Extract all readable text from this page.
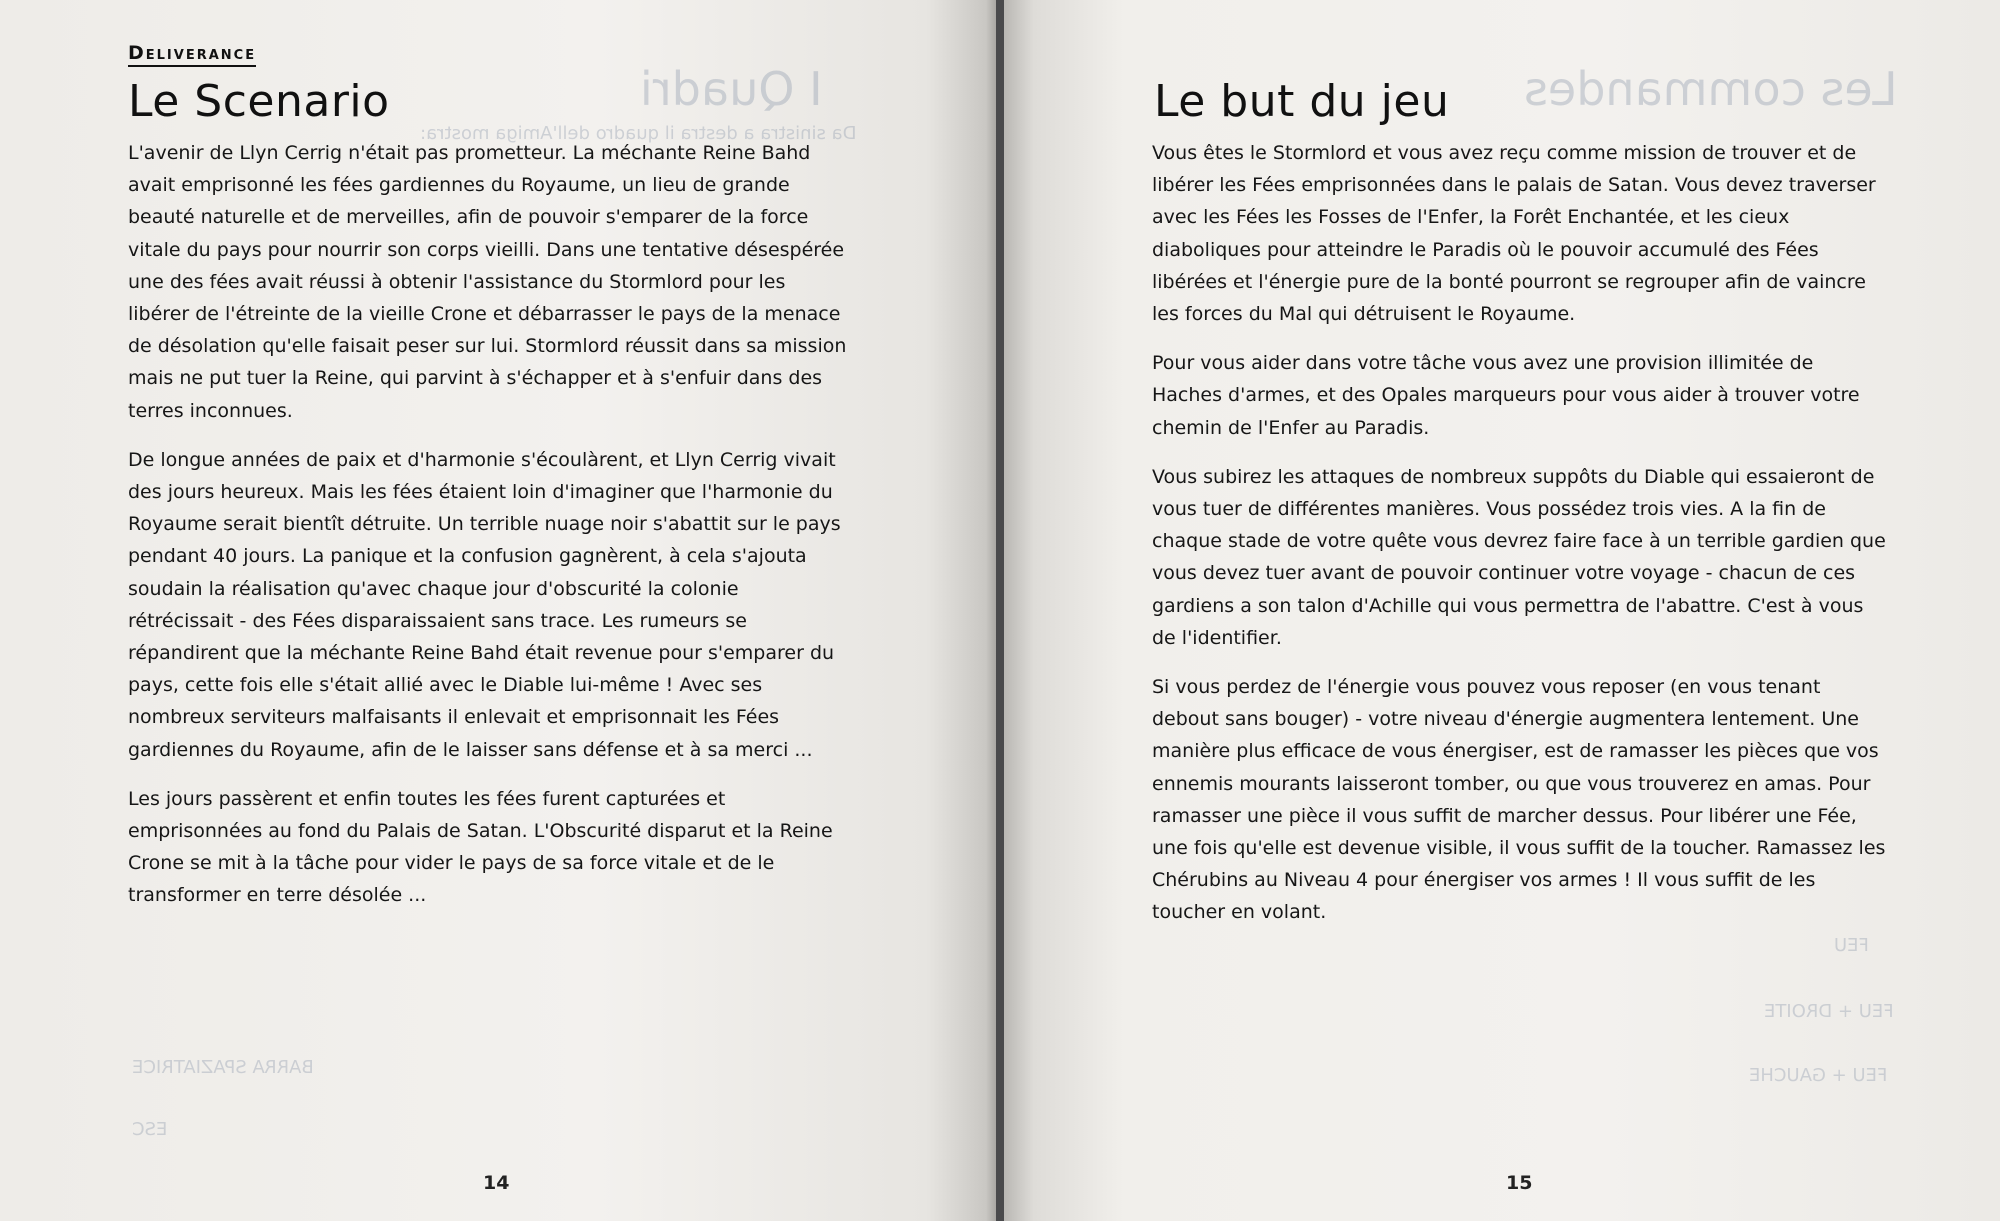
I Quadri
Da sinistra a destra il quadro dell'Amiga mostra:
BARRA SPAZIATRICE
ESC
Deliverance
Le Scenario

L'avenir de Llyn Cerrig n'était pas prometteur. La méchante Reine Bahd avait emprisonné les fées gardiennes du Royaume, un lieu de grande beauté naturelle et de merveilles, afin de pouvoir s'emparer de la force vitale du pays pour nourrir son corps vieilli. Dans une tentative désespérée une des fées avait réussi à obtenir l'assistance du Stormlord pour les libérer de l'étreinte de la vieille Crone et débarrasser le pays de la menace de désolation qu'elle faisait peser sur lui. Stormlord réussit dans sa mission mais ne put tuer la Reine, qui parvint à s'échapper et à s'enfuir dans des terres inconnues.

De longue années de paix et d'harmonie s'écoulàrent, et Llyn Cerrig vivait des jours heureux. Mais les fées étaient loin d'imaginer que l'harmonie du Royaume serait bientît détruite. Un terrible nuage noir s'abattit sur le pays pendant 40 jours. La panique et la confusion gagnèrent, à cela s'ajouta soudain la réalisation qu'avec chaque jour d'obscurité la colonie rétrécissait - des Fées disparaissaient sans trace. Les rumeurs se répandirent que la méchante Reine Bahd était revenue pour s'emparer du pays, cette fois elle s'était allié avec le Diable lui-même ! Avec ses nombreux serviteurs malfaisants il enlevait et emprisonnait les Fées gardiennes du Royaume, afin de le laisser sans défense et à sa merci ...

Les jours passèrent et enfin toutes les fées furent capturées et emprisonnées au fond du Palais de Satan. L'Obscurité disparut et la Reine Crone se mit à la tâche pour vider le pays de sa force vitale et de le transformer en terre désolée ...

14
Les commandes
FEU
FEU + DROITE
FEU + GAUCHE
Le but du jeu

Vous êtes le Stormlord et vous avez reçu comme mission de trouver et de libérer les Fées emprisonnées dans le palais de Satan. Vous devez traverser avec les Fées les Fosses de l'Enfer, la Forêt Enchantée, et les cieux diaboliques pour atteindre le Paradis où le pouvoir accumulé des Fées libérées et l'énergie pure de la bonté pourront se regrouper afin de vaincre les forces du Mal qui détruisent le Royaume.

Pour vous aider dans votre tâche vous avez une provision illimitée de Haches d'armes, et des Opales marqueurs pour vous aider à trouver votre chemin de l'Enfer au Paradis.

Vous subirez les attaques de nombreux suppôts du Diable qui essaieront de vous tuer de différentes manières. Vous possédez trois vies. A la fin de chaque stade de votre quête vous devrez faire face à un terrible gardien que vous devez tuer avant de pouvoir continuer votre voyage - chacun de ces gardiens a son talon d'Achille qui vous permettra de l'abattre. C'est à vous de l'identifier.

Si vous perdez de l'énergie vous pouvez vous reposer (en vous tenant debout sans bouger) - votre niveau d'énergie augmentera lentement. Une manière plus efficace de vous énergiser, est de ramasser les pièces que vos ennemis mourants laisseront tomber, ou que vous trouverez en amas. Pour ramasser une pièce il vous suffit de marcher dessus. Pour libérer une Fée, une fois qu'elle est devenue visible, il vous suffit de la toucher. Ramassez les Chérubins au Niveau 4 pour énergiser vos armes ! Il vous suffit de les toucher en volant.

15
